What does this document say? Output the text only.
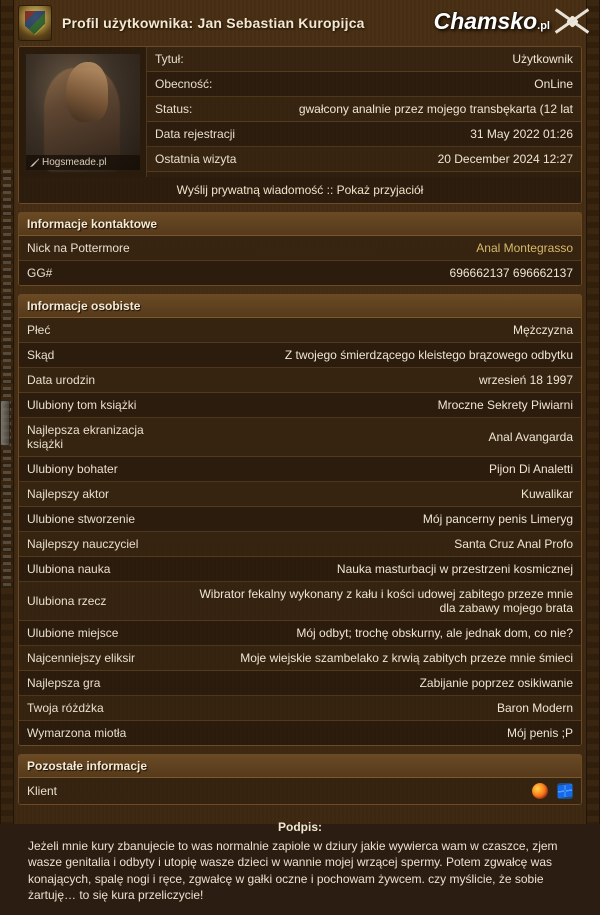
Profil użytkownika: Jan Sebastian Kuropijca	Chamsko.pl
Hogsmeade.pl
Tytuł:	Użytkownik
Obecność:	OnLine
Status:	gwałcony analnie przez mojego transbękarta (12 lat
Data rejestracji	31 May 2022 01:26
Ostatnia wizyta	20 December 2024 12:27
Wyślij prywatną wiadomość :: Pokaż przyjaciół
Informacje kontaktowe
Nick na Pottermore	Anal Montegrasso
GG#	696662137 696662137
Informacje osobiste
Płeć	Mężczyzna
Skąd	Z twojego śmierdzącego kleistego brązowego odbytku
Data urodzin	wrzesień 18 1997
Ulubiony tom książki	Mroczne Sekrety Piwiarni
Najlepsza ekranizacja książki	Anal Avangarda
Ulubiony bohater	Pijon Di Analetti
Najlepszy aktor	Kuwalikar
Ulubione stworzenie	Mój pancerny penis Limeryg
Najlepszy nauczyciel	Santa Cruz Anal Profo
Ulubiona nauka	Nauka masturbacji w przestrzeni kosmicznej
Ulubiona rzecz	Wibrator fekalny wykonany z kału i kości udowej zabitego przeze mnie dla zabawy mojego brata
Ulubione miejsce	Mój odbyt; trochę obskurny, ale jednak dom, co nie?
Najcenniejszy eliksir	Moje wiejskie szambelako z krwią zabitych przeze mnie śmieci
Najlepsza gra	Zabijanie poprzez osikiwanie
Twoja różdżka	Baron Modern
Wymarzona miotła	Mój penis ;P
Pozostałe informacje
Klient	
Podpis:
Jeżeli mnie kury zbanujecie to was normalnie zapiole w dziury jakie wywierca wam w czaszce, zjem wasze genitalia i odbyty i utopię wasze dzieci w wannie mojej wrzącej spermy. Potem zgwałcę was konających, spalę nogi i ręce, zgwałcę w gałki oczne i pochowam żywcem. czy myślicie, że sobie żartuję… to się kura przeliczycie!
